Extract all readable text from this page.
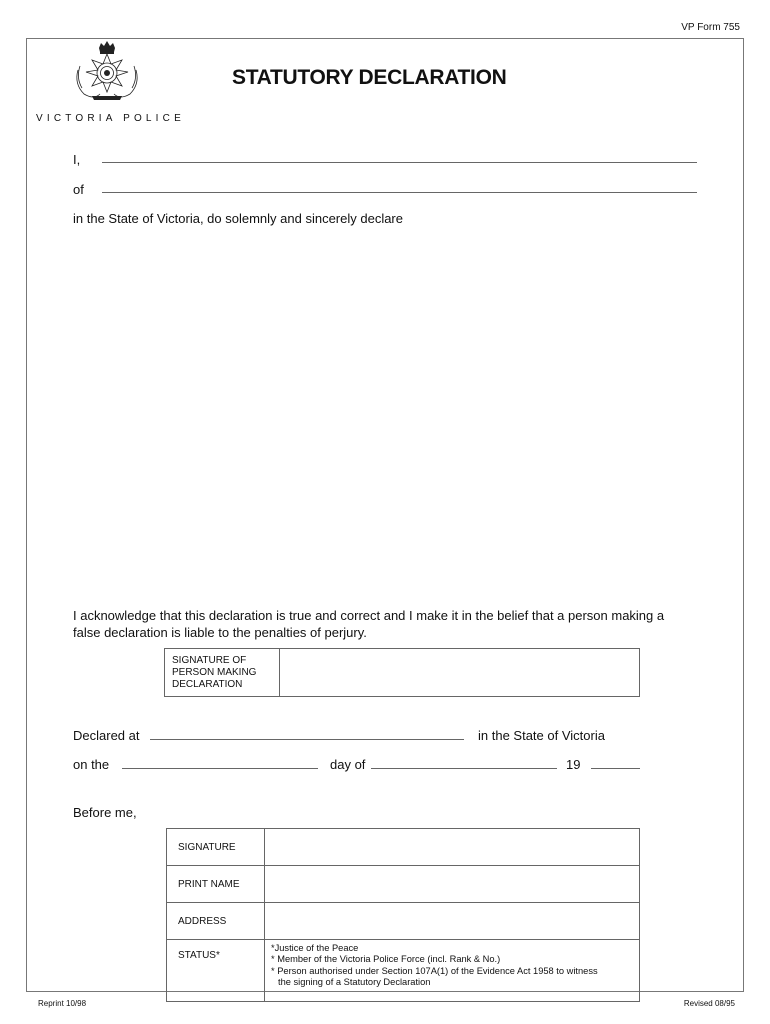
VP Form 755
VICTORIA POLICE
STATUTORY DECLARATION
I,
of
in the State of Victoria, do solemnly and sincerely declare
I acknowledge that this declaration is true and correct and I make it in the belief that a person making a
false declaration is liable to the penalties of perjury.
SIGNATURE OF
PERSON MAKING
DECLARATION

Declared at	in the State of Victoria
on the	day of	19
Before me,
SIGNATURE	
PRINT NAME	
ADDRESS	
STATUS*	*Justice of the Peace
* Member of the Victoria Police Force (incl. Rank & No.)
* Person authorised under Section 107A(1) of the Evidence Act 1958 to witness
the signing of a Statutory Declaration
Reprint 10/98	Revised 08/95
